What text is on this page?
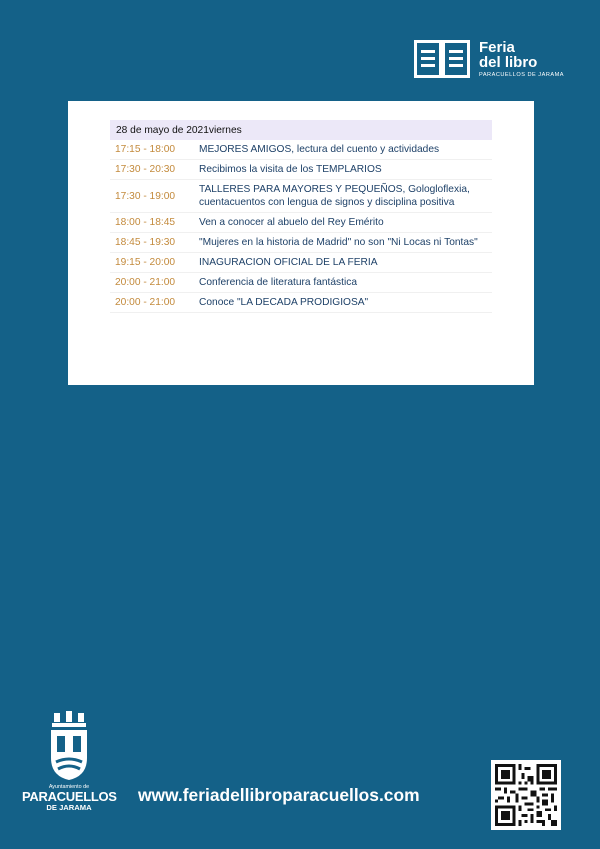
Feria
del libro
PARACUELLOS DE JARAMA
28 de mayo de 2021viernes	
17:15 - 18:00	MEJORES AMIGOS, lectura del cuento y actividades
17:30 - 20:30	Recibimos la visita de los TEMPLARIOS
17:30 - 19:00	TALLERES PARA MAYORES Y PEQUEÑOS, Gologloflexia, cuentacuentos con lengua de signos y disciplina positiva
18:00 - 18:45	Ven a conocer al abuelo del Rey Emérito
18:45 - 19:30	"Mujeres en la historia de Madrid" no son "Ni Locas ni Tontas"
19:15 - 20:00	INAGURACION OFICIAL DE LA FERIA
20:00 - 21:00	Conferencia de literatura fantástica
20:00 - 21:00	Conoce "LA DECADA PRODIGIOSA"
Ayuntamiento de
PARACUELLOS
DE JARAMA
www.feriadellibroparacuellos.com
